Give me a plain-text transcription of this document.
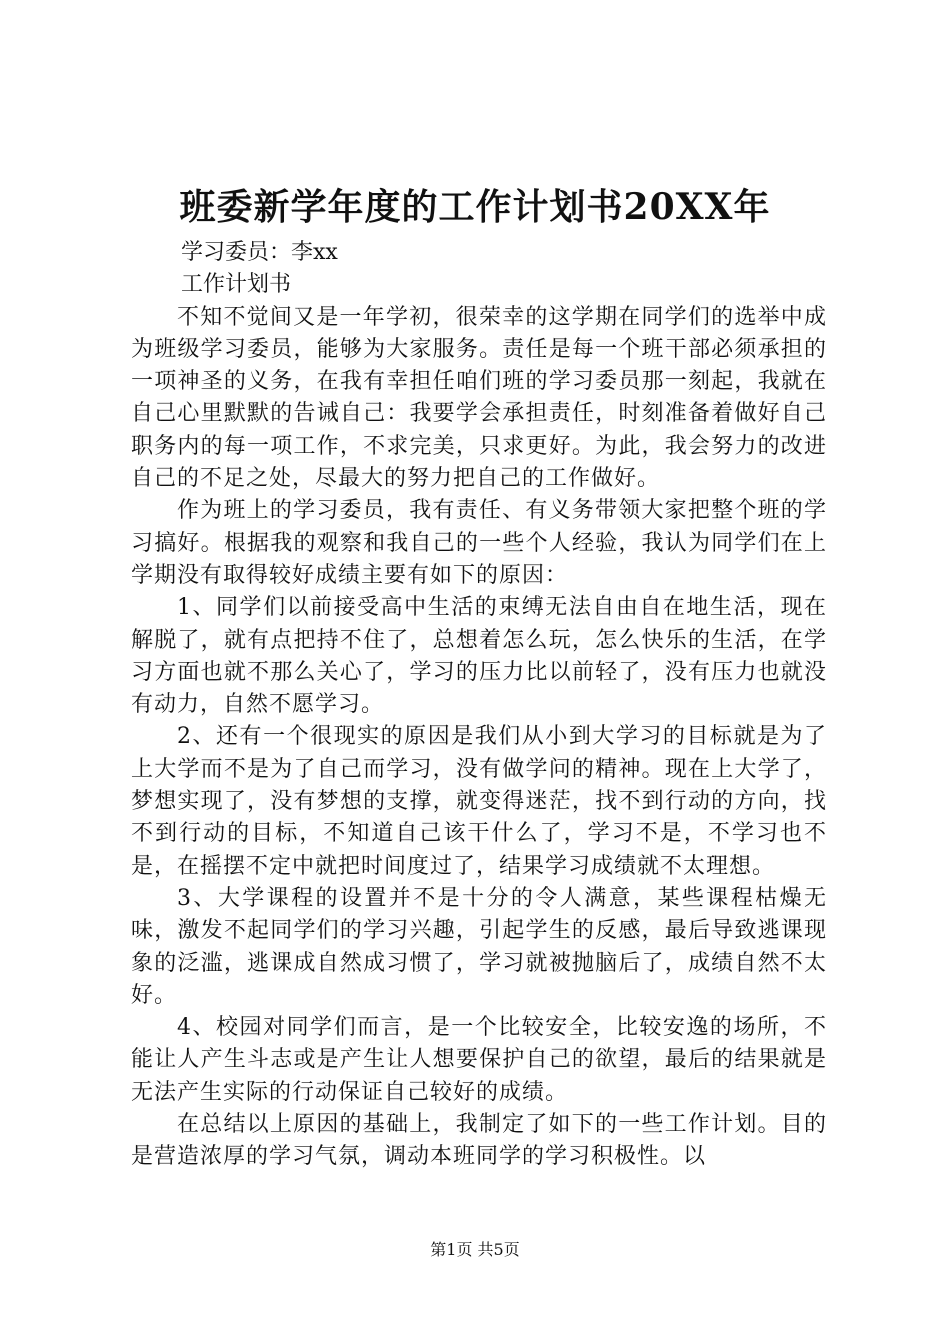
班委新学年度的工作计划书20XX年
学习委员：李xx
工作计划书

不知不觉间又是一年学初，很荣幸的这学期在同学们的选举中成为班级学习委员，能够为大家服务。责任是每一个班干部必须承担的一项神圣的义务，在我有幸担任咱们班的学习委员那一刻起，我就在自己心里默默的告诫自己：我要学会承担责任，时刻准备着做好自己职务内的每一项工作，不求完美，只求更好。为此，我会努力的改进自己的不足之处，尽最大的努力把自己的工作做好。

作为班上的学习委员，我有责任、有义务带领大家把整个班的学习搞好。根据我的观察和我自己的一些个人经验，我认为同学们在上学期没有取得较好成绩主要有如下的原因：

1、同学们以前接受高中生活的束缚无法自由自在地生活，现在解脱了，就有点把持不住了，总想着怎么玩，怎么快乐的生活，在学习方面也就不那么关心了，学习的压力比以前轻了，没有压力也就没有动力，自然不愿学习。

2、还有一个很现实的原因是我们从小到大学习的目标就是为了上大学而不是为了自己而学习，没有做学问的精神。现在上大学了，梦想实现了，没有梦想的支撑，就变得迷茫，找不到行动的方向，找不到行动的目标，不知道自己该干什么了，学习不是，不学习也不是，在摇摆不定中就把时间度过了，结果学习成绩就不太理想。

3、大学课程的设置并不是十分的令人满意，某些课程枯燥无味，激发不起同学们的学习兴趣，引起学生的反感，最后导致逃课现象的泛滥，逃课成自然成习惯了，学习就被抛脑后了，成绩自然不太好。

4、校园对同学们而言，是一个比较安全，比较安逸的场所，不能让人产生斗志或是产生让人想要保护自己的欲望，最后的结果就是无法产生实际的行动保证自己较好的成绩。

在总结以上原因的基础上，我制定了如下的一些工作计划。目的是营造浓厚的学习气氛，调动本班同学的学习积极性。以

第1页 共5页
